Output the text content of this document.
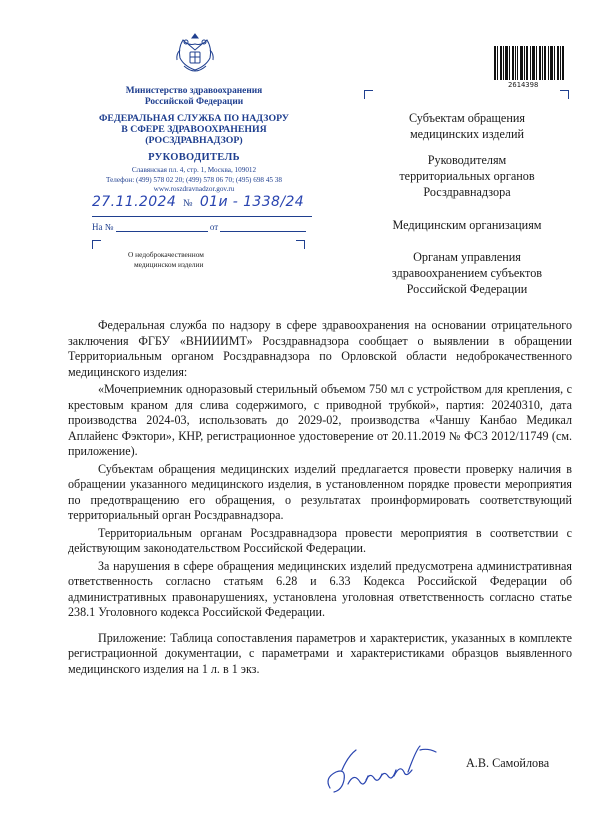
Министерство здравоохранения
Российской Федерации
ФЕДЕРАЛЬНАЯ СЛУЖБА ПО НАДЗОРУ
В СФЕРЕ ЗДРАВООХРАНЕНИЯ
(РОСЗДРАВНАДЗОР)
РУКОВОДИТЕЛЬ
Славянская пл. 4, стр. 1, Москва, 109012
Телефон: (499) 578 02 20; (499) 578 06 70; (495) 698 45 38
www.roszdravnadzor.gov.ru
27.11.2024 № 01и - 1338/24
На №	от
О недоброкачественном
медицинском изделии
2614398
Субъектам обращения
медицинских изделий
Руководителям
территориальных органов
Росздравнадзора
Медицинским организациям
Органам управления
здравоохранением субъектов
Российской Федерации

Федеральная служба по надзору в сфере здравоохранения на основании отрицательного заключения ФГБУ «ВНИИИМТ» Росздравнадзора сообщает о выявлении в обращении Территориальным органом Росздравнадзора по Орловской области недоброкачественного медицинского изделия:

«Мочеприемник одноразовый стерильный объемом 750 мл с устройством для крепления, с крестовым краном для слива содержимого, с приводной трубкой», партия: 20240310, дата производства 2024-03, использовать до 2029-02, производства «Чаншу Канбао Медикал Аплайенс Фэктори», КНР, регистрационное удостоверение от 20.11.2019 № ФСЗ 2012/11749 (см. приложение).

Субъектам обращения медицинских изделий предлагается провести проверку наличия в обращении указанного медицинского изделия, в установленном порядке провести мероприятия по предотвращению его обращения, о результатах проинформировать соответствующий территориальный орган Росздравнадзора.

Территориальным органам Росздравнадзора провести мероприятия в соответствии с действующим законодательством Российской Федерации.

За нарушения в сфере обращения медицинских изделий предусмотрена административная ответственность согласно статьям 6.28 и 6.33 Кодекса Российской Федерации об административных правонарушениях, установлена уголовная ответственность согласно статье 238.1 Уголовного кодекса Российской Федерации.

Приложение: Таблица сопоставления параметров и характеристик, указанных в комплекте регистрационной документации, с параметрами и характеристиками образцов выявленного медицинского изделия на 1 л. в 1 экз.

А.В. Самойлова
